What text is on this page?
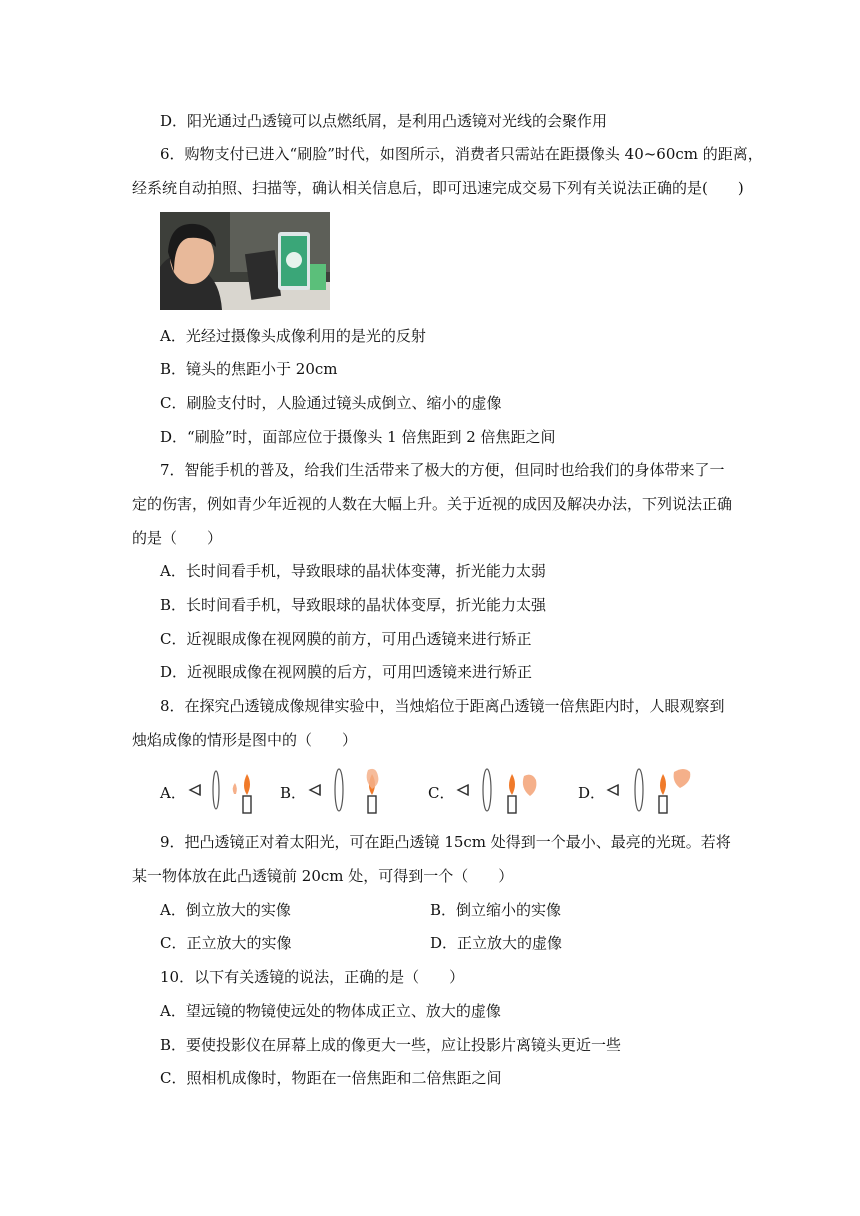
D．阳光通过凸透镜可以点燃纸屑，是利用凸透镜对光线的会聚作用
6．购物支付已进入“刷脸”时代，如图所示，消费者只需站在距摄像头 40~60cm 的距离，
经系统自动拍照、扫描等，确认相关信息后，即可迅速完成交易下列有关说法正确的是(　　)
A．光经过摄像头成像利用的是光的反射
B．镜头的焦距小于 20cm
C．刷脸支付时，人脸通过镜头成倒立、缩小的虚像
D．“刷脸”时，面部应位于摄像头 1 倍焦距到 2 倍焦距之间
7．智能手机的普及，给我们生活带来了极大的方便，但同时也给我们的身体带来了一
定的伤害，例如青少年近视的人数在大幅上升。关于近视的成因及解决办法，下列说法正确
的是（　　）
A．长时间看手机，导致眼球的晶状体变薄，折光能力太弱
B．长时间看手机，导致眼球的晶状体变厚，折光能力太强
C．近视眼成像在视网膜的前方，可用凸透镜来进行矫正
D．近视眼成像在视网膜的后方，可用凹透镜来进行矫正
8．在探究凸透镜成像规律实验中，当烛焰位于距离凸透镜一倍焦距内时，人眼观察到
烛焰成像的情形是图中的（　　）
A．	B．	C．	D．
9．把凸透镜正对着太阳光，可在距凸透镜 15cm 处得到一个最小、最亮的光斑。若将
某一物体放在此凸透镜前 20cm 处，可得到一个（　　）
A．倒立放大的实像	B．倒立缩小的实像
C．正立放大的实像	D．正立放大的虚像
10．以下有关透镜的说法，正确的是（　　）
A．望远镜的物镜使远处的物体成正立、放大的虚像
B．要使投影仪在屏幕上成的像更大一些，应让投影片离镜头更近一些
C．照相机成像时，物距在一倍焦距和二倍焦距之间
